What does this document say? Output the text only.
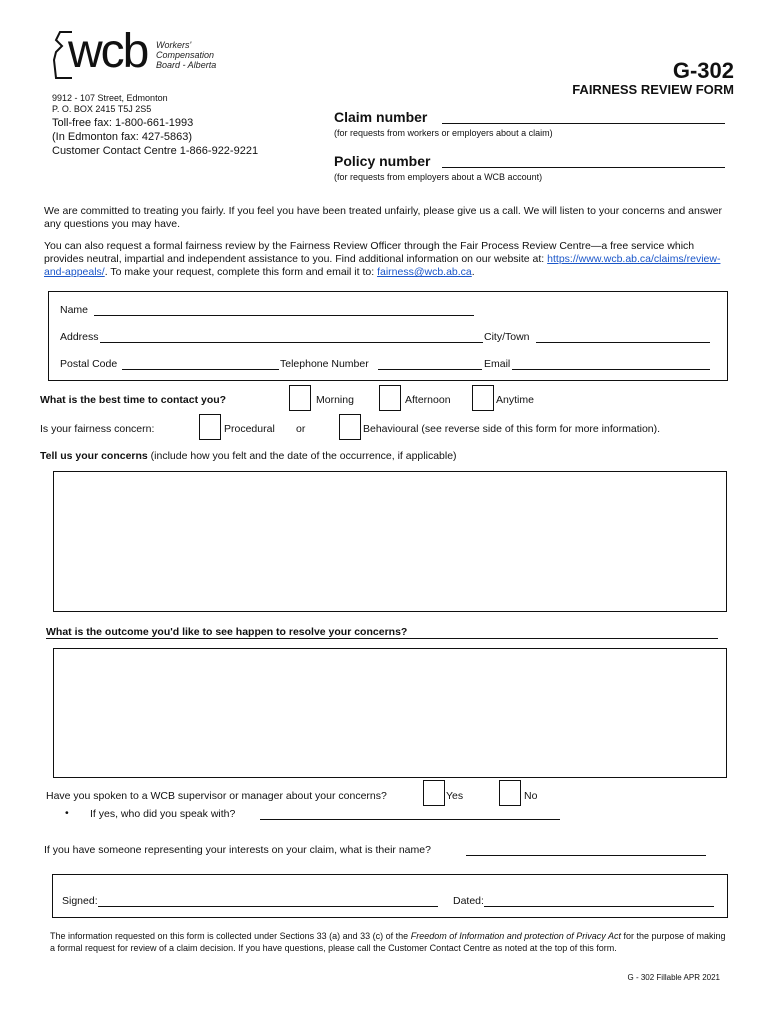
wcb Workers'
Compensation
Board - Alberta	G-302
FAIRNESS REVIEW FORM
9912 - 107 Street, Edmonton
P. O. BOX 2415 T5J 2S5
Toll-free fax: 1-800-661-1993
(In Edmonton fax: 427-5863)
Customer Contact Centre 1-866-922-9221
Claim number
(for requests from workers or employers about a claim)
Policy number
(for requests from employers about a WCB account)
We are committed to treating you fairly. If you feel you have been treated unfairly, please give us a call. We will listen to your concerns and answer any questions you may have.
You can also request a formal fairness review by the Fairness Review Officer through the Fair Process Review Centre—a free service which provides neutral, impartial and independent assistance to you. Find additional information on our website at: https://www.wcb.ab.ca/claims/review-and-appeals/. To make your request, complete this form and email it to: fairness@wcb.ab.ca.
Name
Address	City/Town
Postal Code	Telephone Number	Email
What is the best time to contact you?	Morning	Afternoon	Anytime
Is your fairness concern:	Procedural or	Behavioural (see reverse side of this form for more information).
Tell us your concerns (include how you felt and the date of the occurrence, if applicable)
What is the outcome you'd like to see happen to resolve your concerns?
Have you spoken to a WCB supervisor or manager about your concerns?	Yes	No
• If yes, who did you speak with?
If you have someone representing your interests on your claim, what is their name?
Signed:	Dated:
The information requested on this form is collected under Sections 33 (a) and 33 (c) of the Freedom of Information and protection of Privacy Act for the purpose of making a formal request for review of a claim decision. If you have questions, please call the Customer Contact Centre as noted at the top of this form.
G - 302 Fillable APR 2021
